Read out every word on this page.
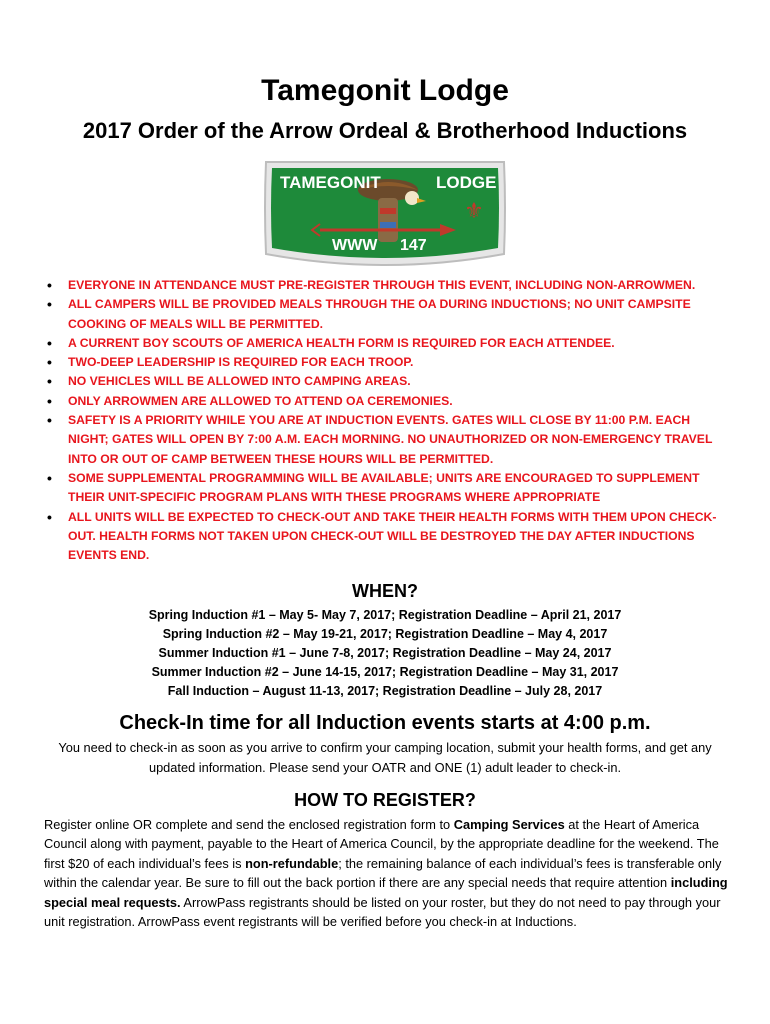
Tamegonit Lodge
2017 Order of the Arrow Ordeal & Brotherhood Inductions
⚜
TAMEGONIT	LODGE
WWW 147
• EVERYONE IN ATTENDANCE MUST PRE-REGISTER THROUGH THIS EVENT, INCLUDING NON-ARROWMEN.
• ALL CAMPERS WILL BE PROVIDED MEALS THROUGH THE OA DURING INDUCTIONS; NO UNIT CAMPSITE COOKING OF MEALS WILL BE PERMITTED.
• A CURRENT BOY SCOUTS OF AMERICA HEALTH FORM IS REQUIRED FOR EACH ATTENDEE.
• TWO-DEEP LEADERSHIP IS REQUIRED FOR EACH TROOP.
• NO VEHICLES WILL BE ALLOWED INTO CAMPING AREAS.
• ONLY ARROWMEN ARE ALLOWED TO ATTEND OA CEREMONIES.
• SAFETY IS A PRIORITY WHILE YOU ARE AT INDUCTION EVENTS. GATES WILL CLOSE BY 11:00 P.M. EACH NIGHT; GATES WILL OPEN BY 7:00 A.M. EACH MORNING. NO UNAUTHORIZED OR NON-EMERGENCY TRAVEL INTO OR OUT OF CAMP BETWEEN THESE HOURS WILL BE PERMITTED.
• SOME SUPPLEMENTAL PROGRAMMING WILL BE AVAILABLE; UNITS ARE ENCOURAGED TO SUPPLEMENT THEIR UNIT-SPECIFIC PROGRAM PLANS WITH THESE PROGRAMS WHERE APPROPRIATE
• ALL UNITS WILL BE EXPECTED TO CHECK-OUT AND TAKE THEIR HEALTH FORMS WITH THEM UPON CHECK-OUT. HEALTH FORMS NOT TAKEN UPON CHECK-OUT WILL BE DESTROYED THE DAY AFTER INDUCTIONS EVENTS END.
WHEN?
Spring Induction #1 – May 5- May 7, 2017; Registration Deadline – April 21, 2017
Spring Induction #2 – May 19-21, 2017; Registration Deadline – May 4, 2017
Summer Induction #1 – June 7-8, 2017; Registration Deadline – May 24, 2017
Summer Induction #2 – June 14-15, 2017; Registration Deadline – May 31, 2017
Fall Induction – August 11-13, 2017; Registration Deadline – July 28, 2017
Check-In time for all Induction events starts at 4:00 p.m.
You need to check-in as soon as you arrive to confirm your camping location, submit your health forms, and get any updated information. Please send your OATR and ONE (1) adult leader to check-in.
HOW TO REGISTER?
Register online OR complete and send the enclosed registration form to Camping Services at the Heart of America Council along with payment, payable to the Heart of America Council, by the appropriate deadline for the weekend. The first $20 of each individual’s fees is non-refundable; the remaining balance of each individual’s fees is transferable only within the calendar year. Be sure to fill out the back portion if there are any special needs that require attention including special meal requests. ArrowPass registrants should be listed on your roster, but they do not need to pay through your unit registration. ArrowPass event registrants will be verified before you check-in at Inductions.
